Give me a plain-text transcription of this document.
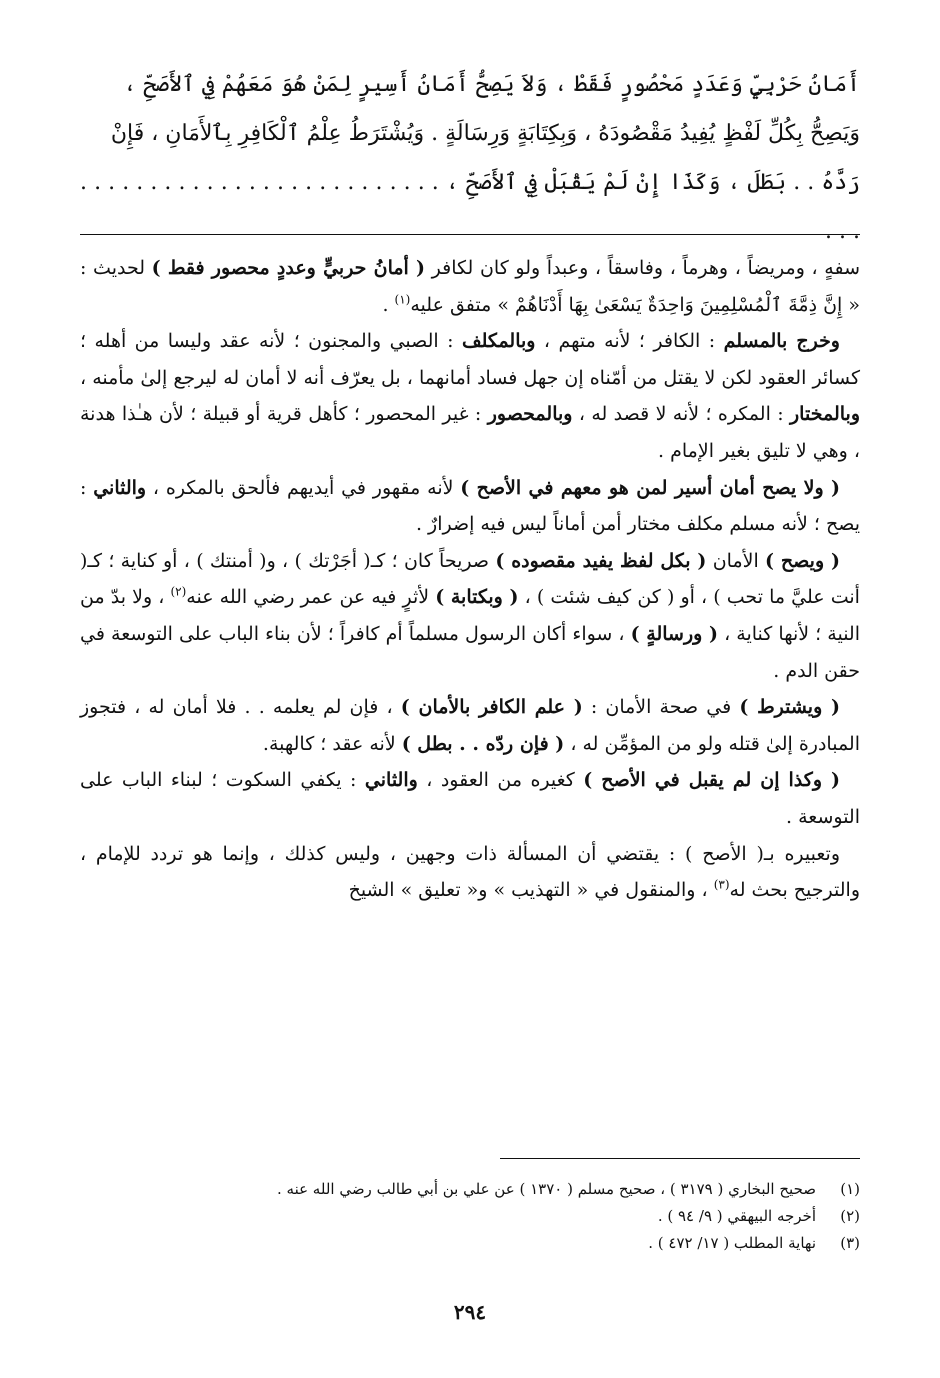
أَمَانُ حَرْبِيٍّ وَعَدَدٍ مَحْصُورٍ فَقَطْ ، وَلاَ يَصِحُّ أَمَانُ أَسِيرٍ لِمَنْ هُوَ مَعَهُمْ فِي ٱلأَصَحِّ ،

وَيَصِحُّ بِكُلِّ لَفْظٍ يُفِيدُ مَقْصُودَهُ ، وَبِكِتَابَةٍ وَرِسَالَةٍ . وَيُشْتَرَطُ عِلْمُ ٱلْكَافِرِ بِٱلأَمَانِ ، فَإِنْ

رَدَّهُ . . بَطَلَ ، وَكَذَا إِنْ لَمْ يَقْبَلْ فِي ٱلأَصَحِّ ، . . . . . . . . . . . . . . . . . . . . . . . . . . . . .

سفهٍ ، ومريضاً ، وهرماً ، وفاسقاً ، وعبداً ولو كان لكافر ( أمانُ حربيٍّ وعددٍ محصور فقط ) لحديث : « إِنَّ ذِمَّةَ ٱلْمُسْلِمِينَ وَاحِدَةٌ يَسْعَىٰ بِهَا أَدْنَاهُمْ » متفق عليه$^{(١)}$ .

وخرج بالمسلم : الكافر ؛ لأنه متهم ، وبالمكلف : الصبي والمجنون ؛ لأنه عقد وليسا من أهله ؛ كسائر العقود لكن لا يقتل من أمّناه إن جهل فساد أمانهما ، بل يعرّف أنه لا أمان له ليرجع إلىٰ مأمنه ، وبالمختار : المكره ؛ لأنه لا قصد له ، وبالمحصور : غير المحصور ؛ كأهل قرية أو قبيلة ؛ لأن هـٰذا هدنة ، وهي لا تليق بغير الإمام .

( ولا يصح أمان أسير لمن هو معهم في الأصح ) لأنه مقهور في أيديهم فألحق بالمكره ، والثاني : يصح ؛ لأنه مسلم مكلف مختار أمن أماناً ليس فيه إضرارٌ .

( ويصح ) الأمان ( بكل لفظ يفيد مقصوده ) صريحاً كان ؛ كـ( أجَرْتك ) ، و( أمنتك ) ، أو كناية ؛ كـ( أنت عليَّ ما تحب ) ، أو ( كن كيف شئت ) ، ( وبكتابة ) لأثرٍ فيه عن عمر رضي الله عنه$^{(٢)}$ ، ولا بدّ من النية ؛ لأنها كناية ، ( ورسالةٍ ) ، سواء أكان الرسول مسلماً أم كافراً ؛ لأن بناء الباب على التوسعة في حقن الدم .

( ويشترط ) في صحة الأمان : ( علم الكافر بالأمان ) ، فإن لم يعلمه . . فلا أمان له ، فتجوز المبادرة إلىٰ قتله ولو من المؤمِّن له ، ( فإن ردّه . . بطل ) لأنه عقد ؛ كالهبة.

( وكذا إن لم يقبل في الأصح ) كغيره من العقود ، والثاني : يكفي السكوت ؛ لبناء الباب على التوسعة .

وتعبيره بـ( الأصح ) : يقتضي أن المسألة ذات وجهين ، وليس كذلك ، وإنما هو تردد للإمام ، والترجيح بحث له$^{(٣)}$ ، والمنقول في « التهذيب » و« تعليق » الشيخ

(١)
صحيح البخاري ( ٣١٧٩ ) ، صحيح مسلم ( ١٣٧٠ ) عن علي بن أبي طالب رضي الله عنه .
(٢)
أخرجه البيهقي ( ٩/ ٩٤ ) .
(٣)
نهاية المطلب ( ١٧/ ٤٧٢ ) .
٢٩٤
